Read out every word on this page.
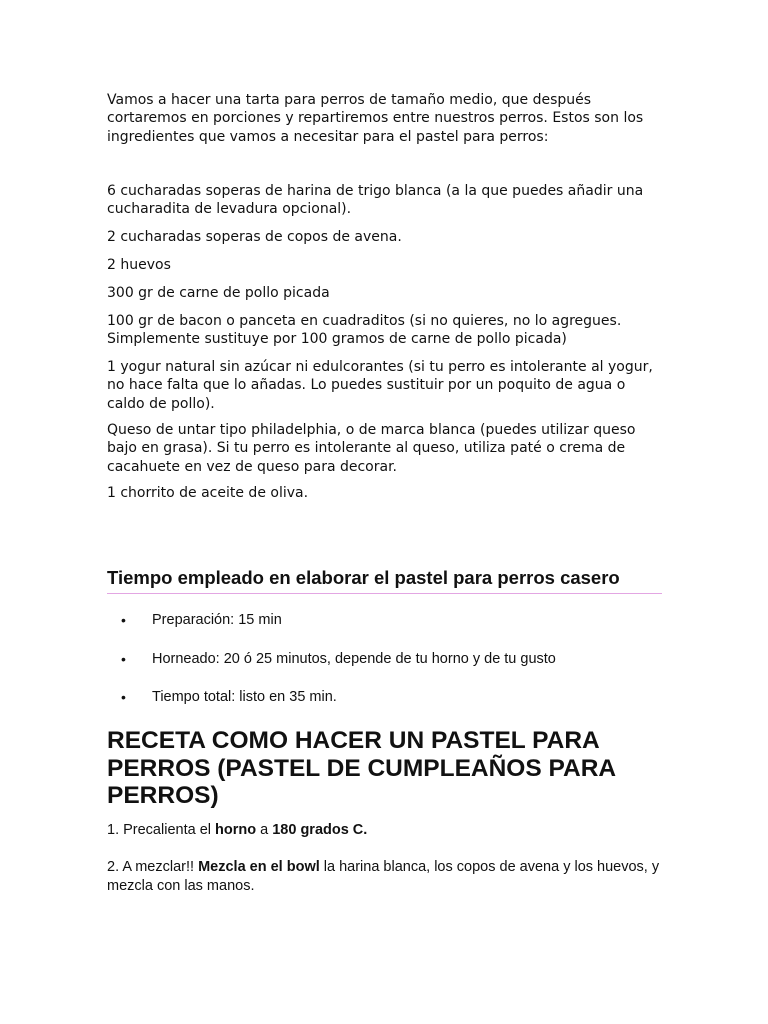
Vamos a hacer una tarta para perros de tamaño medio, que después cortaremos en porciones y repartiremos entre nuestros perros. Estos son los ingredientes que vamos a necesitar para el pastel para perros:

6 cucharadas soperas de harina de trigo blanca (a la que puedes añadir una cucharadita de levadura opcional).

2 cucharadas soperas de copos de avena.

2 huevos

300 gr de carne de pollo picada

100 gr de bacon o panceta en cuadraditos (si no quieres, no lo agregues. Simplemente sustituye por 100 gramos de carne de pollo picada)

1 yogur natural sin azúcar ni edulcorantes (si tu perro es intolerante al yogur, no hace falta que lo añadas. Lo puedes sustituir por un poquito de agua o caldo de pollo).

Queso de untar tipo philadelphia, o de marca blanca (puedes utilizar queso bajo en grasa). Si tu perro es intolerante al queso, utiliza paté o crema de cacahuete en vez de queso para decorar.

1 chorrito de aceite de oliva.

Tiempo empleado en elaborar el pastel para perros casero
• Preparación: 15 min
• Horneado: 20 ó 25 minutos, depende de tu horno y de tu gusto
• Tiempo total: listo en 35 min.
RECETA COMO HACER UN PASTEL PARA PERROS (PASTEL DE CUMPLEAÑOS PARA PERROS)

1. Precalienta el horno a 180 grados C.

2. A mezclar!! Mezcla en el bowl la harina blanca, los copos de avena y los huevos, y mezcla con las manos.
